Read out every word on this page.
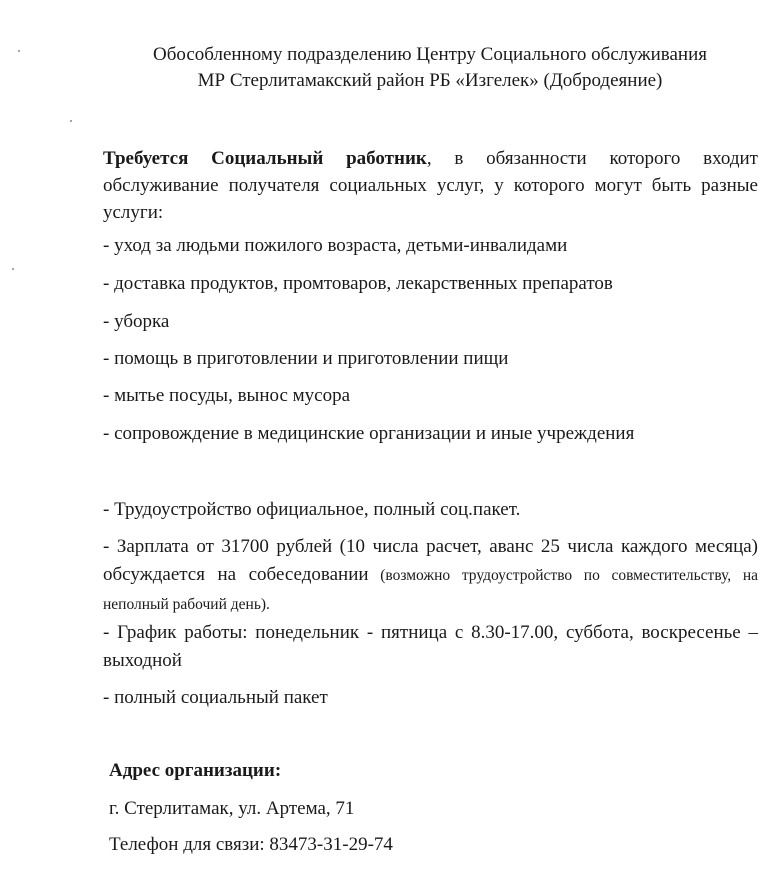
Обособленному подразделению Центру Социального обслуживания
МР Стерлитамакский район РБ «Изгелек» (Добродеяние)
Требуется Социальный работник, в обязанности которого входит обслуживание получателя социальных услуг, у которого могут быть разные услуги:
- уход за людьми пожилого возраста, детьми-инвалидами
- доставка продуктов, промтоваров, лекарственных препаратов
- уборка
- помощь в приготовлении и приготовлении пищи
- мытье посуды, вынос мусора
- сопровождение в медицинские организации и иные учреждения
- Трудоустройство официальное, полный соц.пакет.
- Зарплата от 31700 рублей (10 числа расчет, аванс 25 числа каждого месяца) обсуждается на собеседовании (возможно трудоустройство по совместительству, на неполный рабочий день).
- График работы: понедельник - пятница с 8.30-17.00, суббота, воскресенье – выходной
- полный социальный пакет
Адрес организации:
г. Стерлитамак, ул. Артема, 71
Телефон для связи: 83473-31-29-74
